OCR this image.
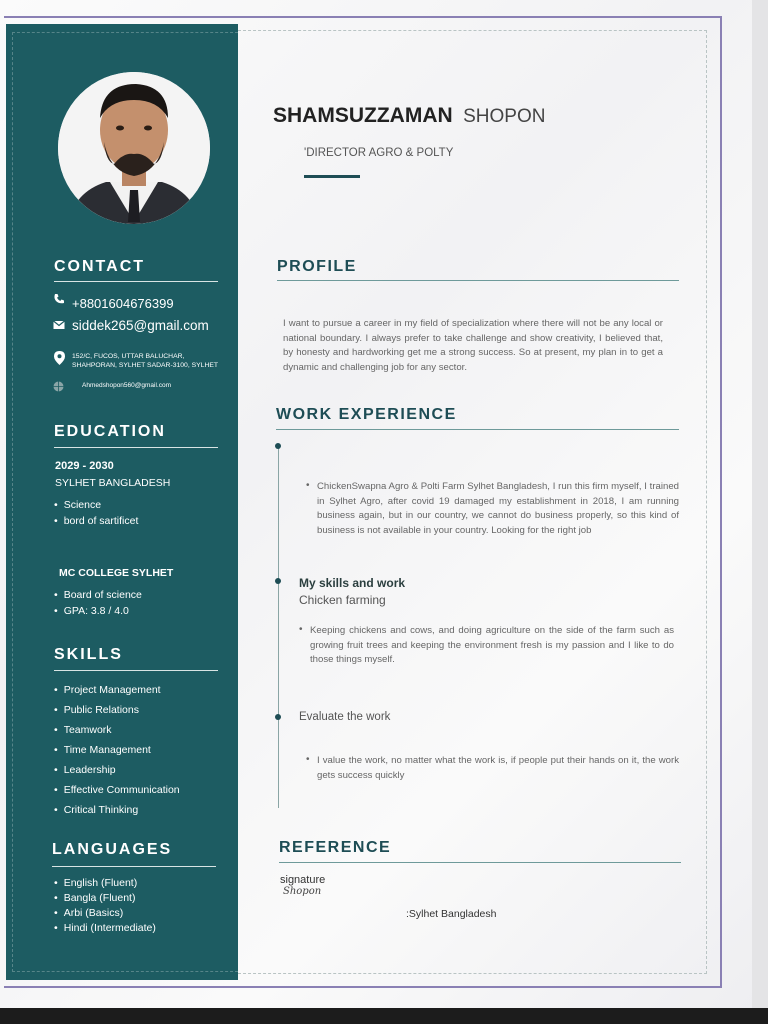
CONTACT
+8801604676399
siddek265@gmail.com
152/C, FUCOS, UTTAR BALUCHAR,
SHAHPORAN, SYLHET SADAR-3100, SYLHET
Ahmedshopon560@gmail.com
EDUCATION
2029 - 2030
SYLHET BANGLADESH
• Science
• bord of sartificet
MC COLLEGE SYLHET
• Board of science
• GPA: 3.8 / 4.0
SKILLS
• Project Management
• Public Relations
• Teamwork
• Time Management
• Leadership
• Effective Communication
• Critical Thinking
LANGUAGES
• English (Fluent)
• Bangla (Fluent)
• Arbi (Basics)
• Hindi (Intermediate)
SHAMSUZZAMAN SHOPON
'DIRECTOR AGRO & POLTY
PROFILE

I want to pursue a career in my field of specialization where there will not be any local or national boundary. I always prefer to take challenge and show creativity, I believed that, by honesty and hardworking get me a strong success. So at present, my plan in to get a dynamic and challenging job for any sector.

WORK EXPERIENCE
• ChickenSwapna Agro & Polti Farm Sylhet Bangladesh, I run this firm myself, I trained in Sylhet Agro, after covid 19 damaged my establishment in 2018, I am running business again, but in our country, we cannot do business properly, so this kind of business is not available in your country. Looking for the right job

My skills and work
Chicken farming
• Keeping chickens and cows, and doing agriculture on the side of the farm such as growing fruit trees and keeping the environment fresh is my passion and I like to do those things myself.

Evaluate the work
• I value the work, no matter what the work is, if people put their hands on it, the work gets success quickly

REFERENCE
signature
Shopon
:Sylhet Bangladesh
